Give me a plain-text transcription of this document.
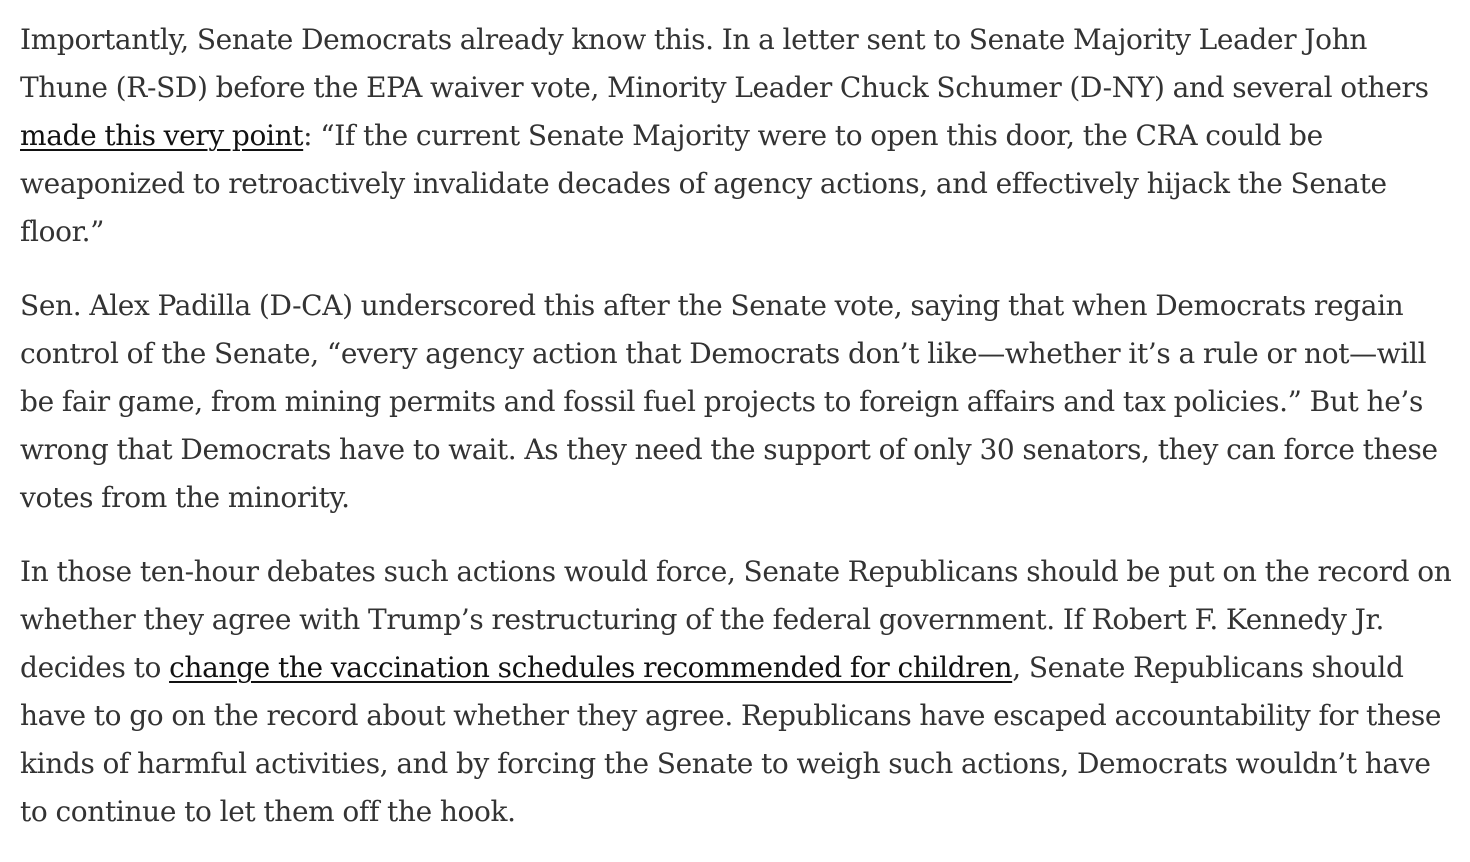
Importantly, Senate Democrats already know this. In a letter sent to Senate Majority Leader John Thune (R-SD) before the EPA waiver vote, Minority Leader Chuck Schumer (D-NY) and several others made this very point: “If the current Senate Majority were to open this door, the CRA could be weaponized to retroactively invalidate decades of agency actions, and effectively hijack the Senate floor.”

Sen. Alex Padilla (D-CA) underscored this after the Senate vote, saying that when Democrats regain control of the Senate, “every agency action that Democrats don’t like—whether it’s a rule or not—will be fair game, from mining permits and fossil fuel projects to foreign affairs and tax policies.” But he’s wrong that Democrats have to wait. As they need the support of only 30 senators, they can force these votes from the minority.

In those ten-hour debates such actions would force, Senate Republicans should be put on the record on whether they agree with Trump’s restructuring of the federal government. If Robert F. Kennedy Jr. decides to change the vaccination schedules recommended for children, Senate Republicans should have to go on the record about whether they agree. Republicans have escaped accountability for these kinds of harmful activities, and by forcing the Senate to weigh such actions, Democrats wouldn’t have to continue to let them off the hook.
